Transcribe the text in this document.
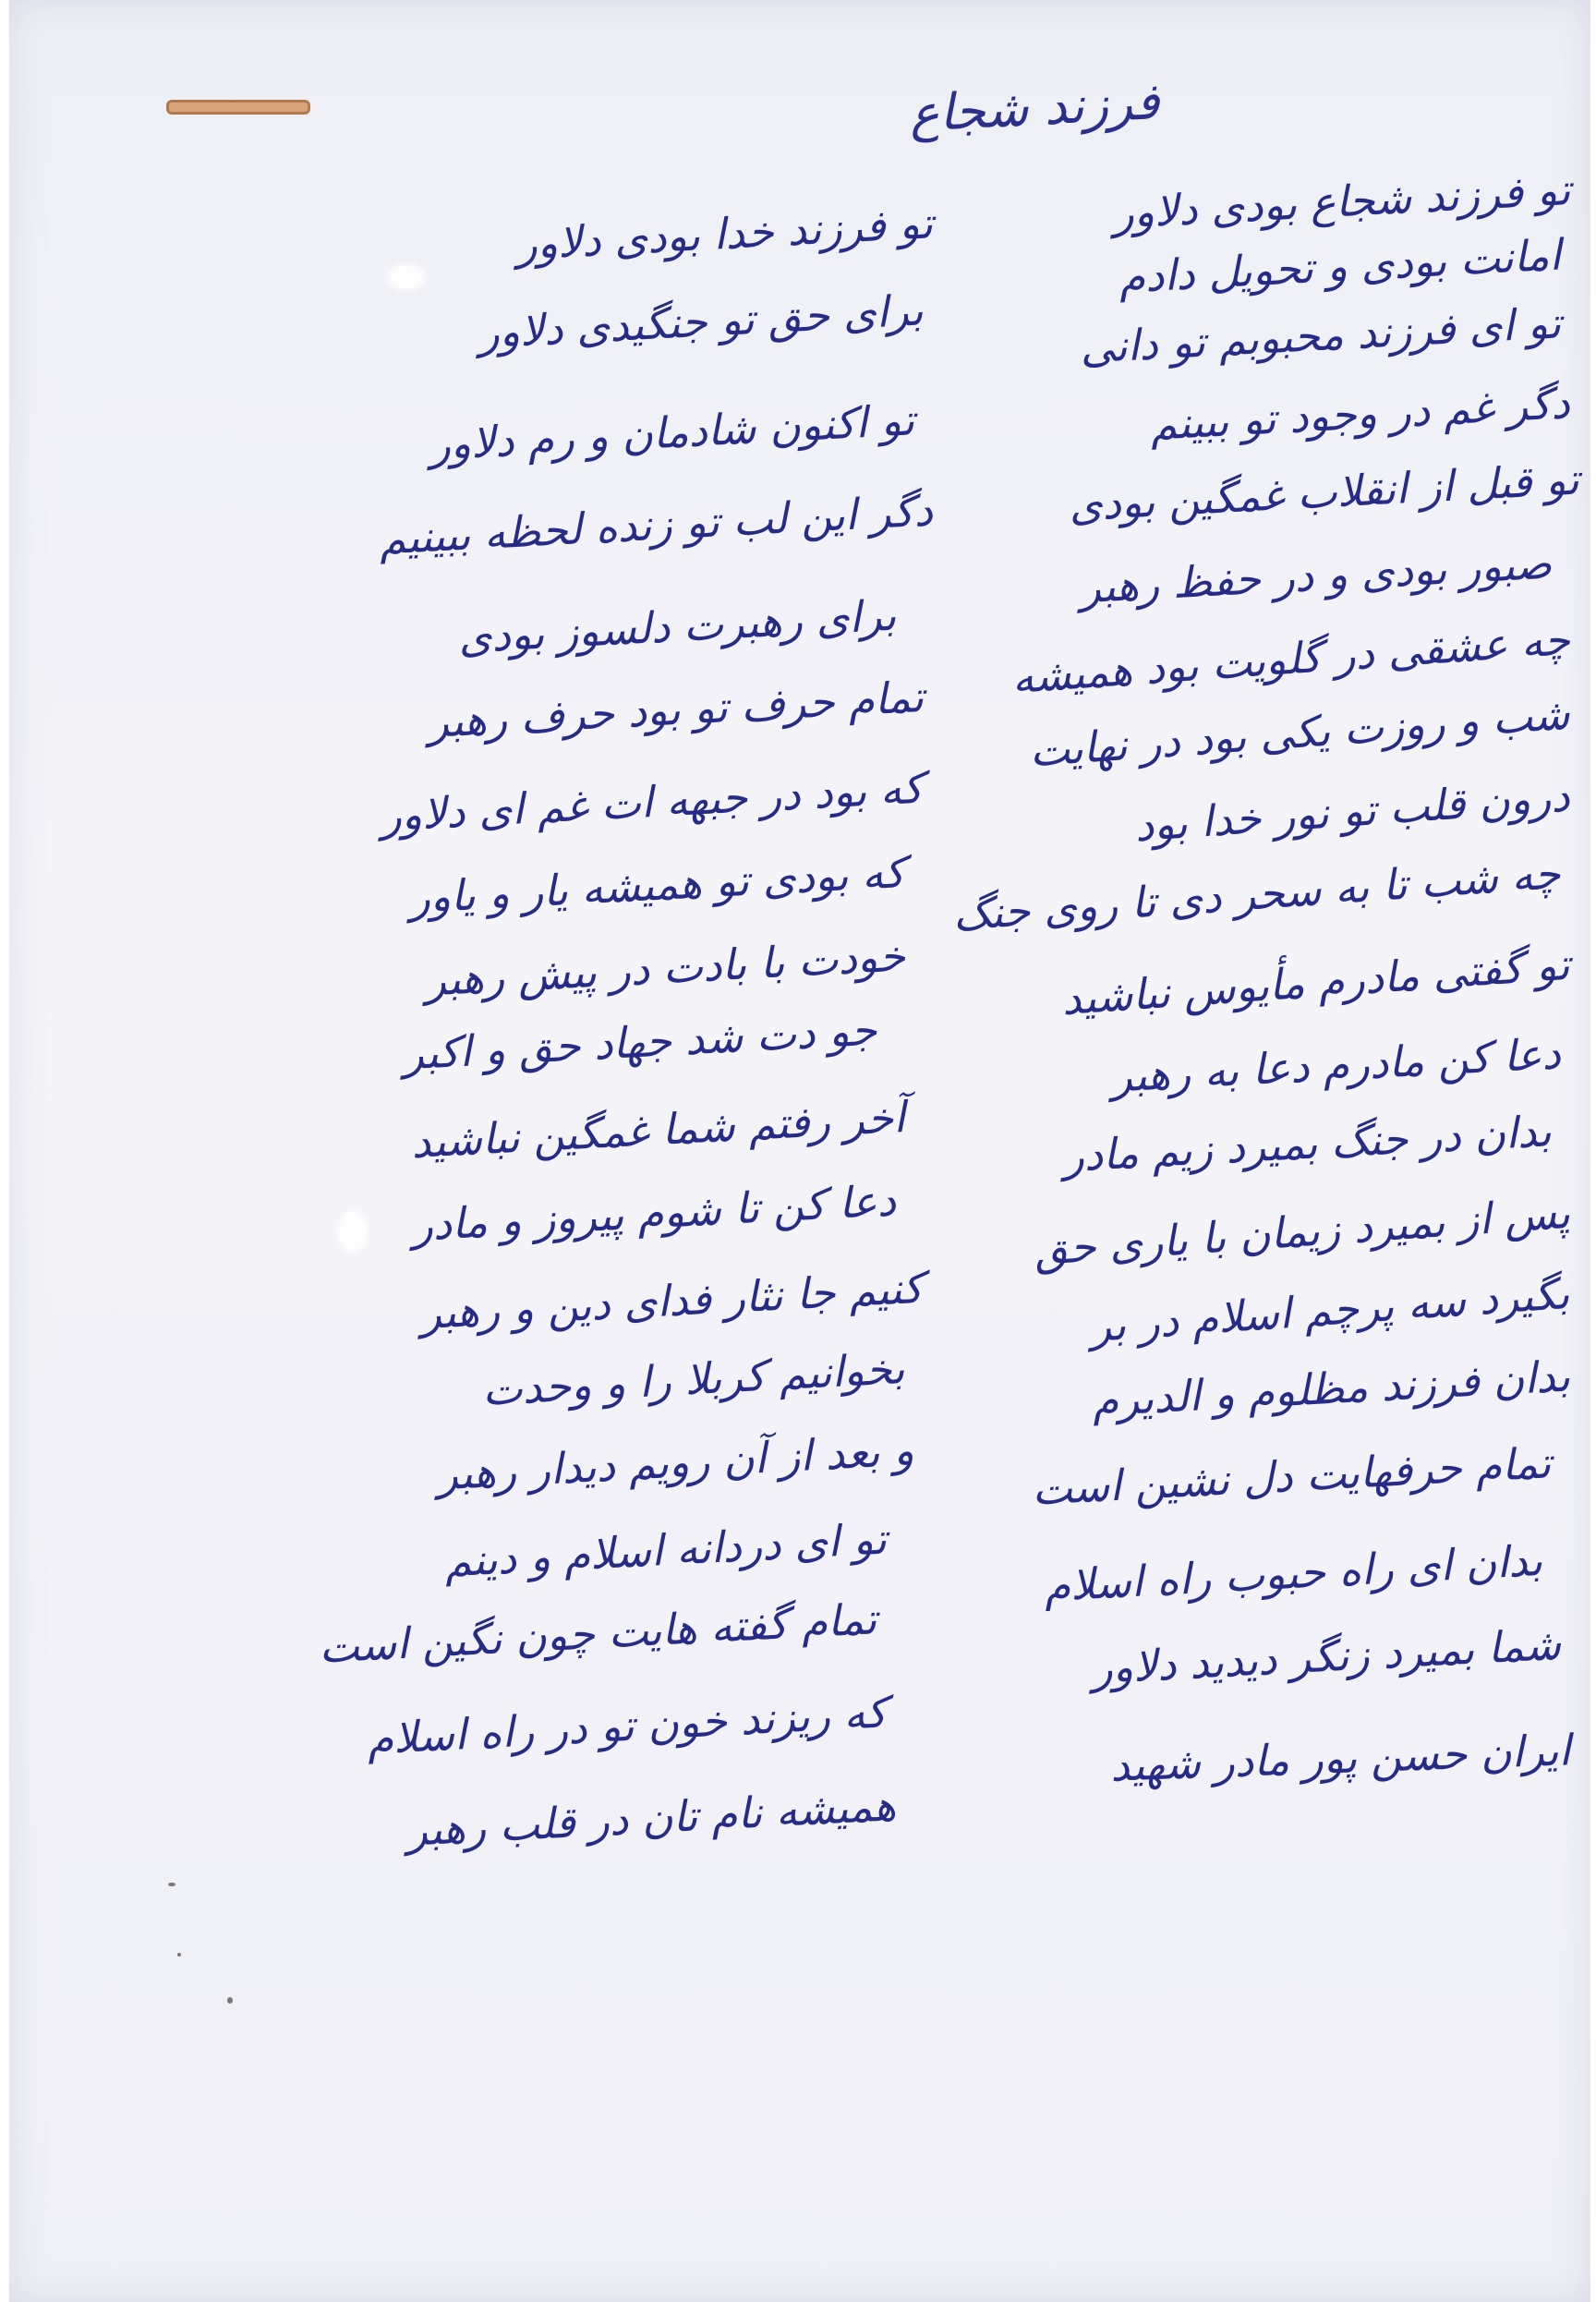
فرزند شجاع
تو فرزند شجاع بودی دلاور
امانت بودی و تحویل دادم
تو ای فرزند محبوبم تو دانی
دگر غم در وجود تو ببینم
تو قبل از انقلاب غمگین بودی
صبور بودی و در حفظ رهبر
چه عشقی در گلویت بود همیشه
شب و روزت یکی بود در نهایت
درون قلب تو نور خدا بود
چه شب تا به سحر دی تا روی جنگ
تو گفتی مادرم مأیوس نباشید
دعا کن مادرم دعا به رهبر
بدان در جنگ بمیرد زیم مادر
پس از بمیرد زیمان با یاری حق
بگیرد سه پرچم اسلام در بر
بدان فرزند مظلوم و الدیرم
تمام حرفهایت دل نشین است
بدان ای راه حبوب راه اسلام
شما بمیرد زنگر دیدید دلاور
ایران حسن پور مادر شهید
تو فرزند خدا بودی دلاور
برای حق تو جنگیدی دلاور
تو اکنون شادمان و رم دلاور
دگر این لب تو زنده لحظه ببینیم
برای رهبرت دلسوز بودی
تمام حرف تو بود حرف رهبر
که بود در جبهه ات غم ای دلاور
که بودی تو همیشه یار و یاور
خودت با بادت در پیش رهبر
جو دت شد جهاد حق و اکبر
آخر رفتم شما غمگین نباشید
دعا کن تا شوم پیروز و مادر
کنیم جا نثار فدای دین و رهبر
بخوانیم کربلا را و وحدت
و بعد از آن رویم دیدار رهبر
تو ای دردانه اسلام و دینم
تمام گفته هایت چون نگین است
که ریزند خون تو در راه اسلام
همیشه نام تان در قلب رهبر
